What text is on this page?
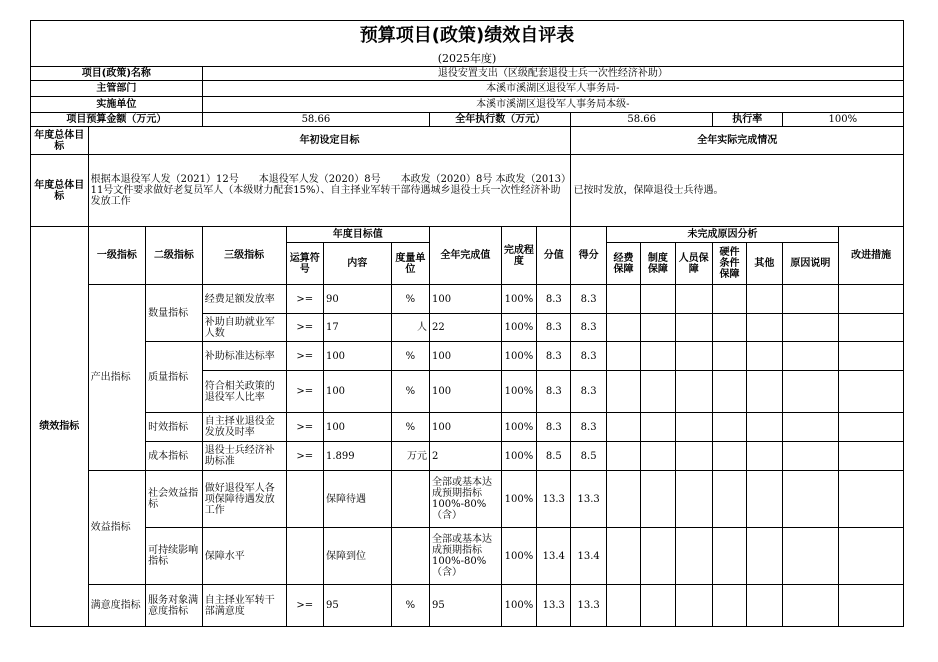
预算项目(政策)绩效自评表																	
(2025年度)																	
项目(政策)名称			退役安置支出（区级配套退役士兵一次性经济补助）														
主管部门			本溪市溪湖区退役军人事务局-														
实施单位			本溪市溪湖区退役军人事务局本级-														
项目预算金额（万元）			58.66				全年执行数（万元）			58.66				执行率		100%	
年度总体目标	年初设定目标									全年实际完成情况							
年度总体目标	根据本退役军人发（2021）12号　　本退役军人发（2020）8号　　本政发（2020）8号 本政发（2013）11号文件要求做好老复员军人（本级财力配套15%）、自主择业军转干部待遇城乡退役士兵一次性经济补助发放工作									已按时发放，保障退役士兵待遇。							
绩效指标	一级指标	二级指标	三级指标	年度目标值			全年完成值	完成程度	分值	得分	未完成原因分析						改进措施
				运算符号	内容	度量单位					经费保障	制度保障	人员保障	硬件条件保障	其他	原因说明	
	产出指标	数量指标	经费足额发放率	>=	90	%	100	100%	8.3	8.3							
			补助自助就业军人数	>=	17	人	22	100%	8.3	8.3							
		质量指标	补助标准达标率	>=	100	%	100	100%	8.3	8.3							
			符合相关政策的退役军人比率	>=	100	%	100	100%	8.3	8.3							
		时效指标	自主择业退役金发放及时率	>=	100	%	100	100%	8.3	8.3							
		成本指标	退役士兵经济补助标准	>=	1.899	万元	2	100%	8.5	8.5							
	效益指标	社会效益指标	做好退役军人各项保障待遇发放工作		保障待遇		全部或基本达成预期指标100%-80%（含）	100%	13.3	13.3							
		可持续影响指标	保障水平		保障到位		全部或基本达成预期指标100%-80%（含）	100%	13.4	13.4							
	满意度指标	服务对象满意度指标	自主择业军转干部满意度	>=	95	%	95	100%	13.3	13.3							
